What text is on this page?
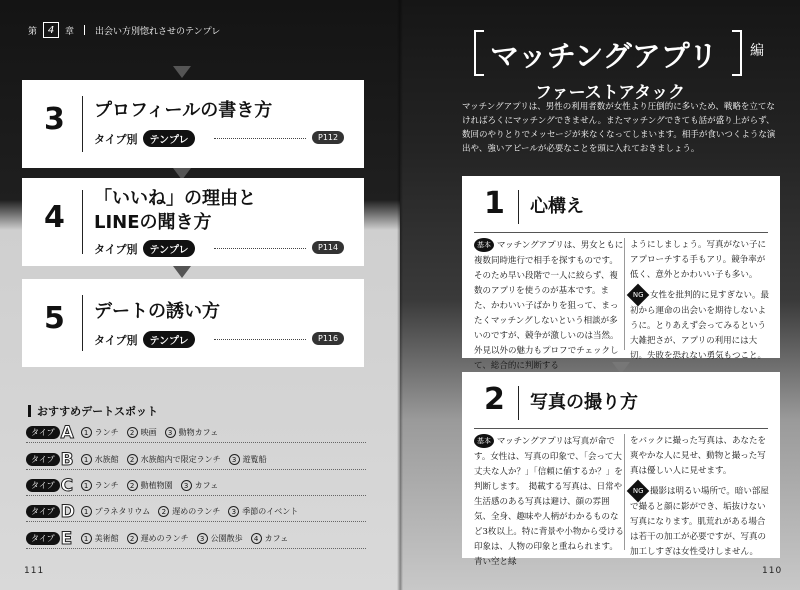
第	4	章 出会い方別惚れさせのテンプレ
3 プロフィールの書き方
タイプ別	テンプレ	P112
4
「いいね」の理由と
LINEの聞き方
タイプ別	テンプレ	P114
5 デートの誘い方
タイプ別	テンプレ	P116
おすすめデートスポット
タイプ A	1 ランチ	2 映画	3 動物カフェ
タイプ B	1 水族館	2 水族館内で限定ランチ	3 遊覧船
タイプ C	1 ランチ	2 動植物園	3 カフェ
タイプ D	1 プラネタリウム	2 遅めのランチ	3 季節のイベント
タイプ E	1 美術館	2 遅めのランチ	3 公園散歩	4 カフェ
111
マッチングアプリ 編
ファーストアタック
マッチングアプリは、男性の利用者数が女性より圧倒的に多いため、戦略を立てなければろくにマッチングできません。またマッチングできても話が盛り上がらず、数回のやりとりでメッセージが来なくなってしまいます。相手が食いつくような演出や、強いアピールが必要なことを頭に入れておきましょう。
1 心構え
基本 マッチングアプリは、男女ともに複数同時進行で相手を探すものです。そのため早い段階で一人に絞らず、複数のアプリを使うのが基本です。また、かわいい子ばかりを狙って、まったくマッチングしないという相談が多いのですが、競争が激しいのは当然。外見以外の魅力もプロフでチェックして、総合的に判断する
ようにしましょう。写真がない子にアプローチする手もアリ。競争率が低く、意外とかわいい子も多い。
NG 女性を批判的に見すぎない。最初から運命の出会いを期待しないように。とりあえず会ってみるという大雑把さが、アプリの利用には大切。失敗を恐れない勇気もつこと。
2 写真の撮り方
基本 マッチングアプリは写真が命です。女性は、写真の印象で、「会って大丈夫な人か？」「信頼に値するか？」を判断します。　掲載する写真は、日常や生活感のある写真は避け、顔の雰囲気、全身、趣味や人柄がわかるものなど3枚以上。特に背景や小物から受ける印象は、人物の印象と重ねられます。青い空と緑
をバックに撮った写真は、あなたを爽やかな人に見せ、動物と撮った写真は優しい人に見せます。
NG 撮影は明るい場所で。暗い部屋で撮ると顔に影ができ、垢抜けない写真になります。肌荒れがある場合は若干の加工が必要ですが、写真の加工しすぎは女性受けしません。
110
